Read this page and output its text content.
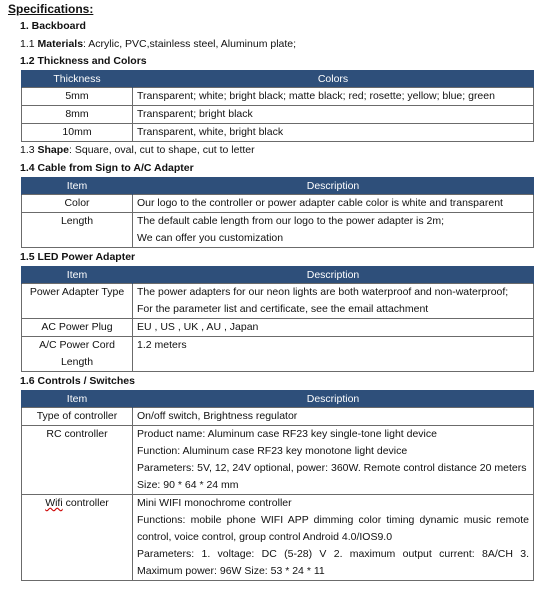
Specifications:
1. Backboard
1.1 Materials: Acrylic, PVC,stainless steel, Aluminum plate;
1.2 Thickness and Colors
Thickness	Colors
5mm	Transparent; white; bright black; matte black; red; rosette; yellow; blue; green
8mm	Transparent; bright black
10mm	Transparent, white, bright black
1.3 Shape: Square, oval, cut to shape, cut to letter
1.4 Cable from Sign to A/C Adapter
Item	Description
Color	Our logo to the controller or power adapter cable color is white and transparent

Length	The default cable length from our logo to the power adapter is 2m;
We can offer you customization
1.5 LED Power Adapter
Item	Description
Power Adapter Type	The power adapters for our neon lights are both waterproof and non-waterproof;
For the parameter list and certificate, see the email attachment

AC Power Plug	EU , US , UK , AU , Japan

A/C Power Cord Length	1.2 meters
1.6 Controls / Switches
Item	Description
Type of controller	On/off switch, Brightness regulator

RC controller	Product name: Aluminum case RF23 key single-tone light device
Function: Aluminum case RF23 key monotone light device
Parameters: 5V, 12, 24V optional, power: 360W. Remote control distance 20 meters
Size: 90 * 64 * 24 mm

Wifi controller	Mini WIFI monochrome controller
Functions: mobile phone WIFI APP dimming color timing dynamic music remote control, voice control, group control Android 4.0/IOS9.0
Parameters: 1. voltage: DC (5-28) V 2. maximum output current: 8A/CH 3. Maximum power: 96W Size: 53 * 24 * 11
